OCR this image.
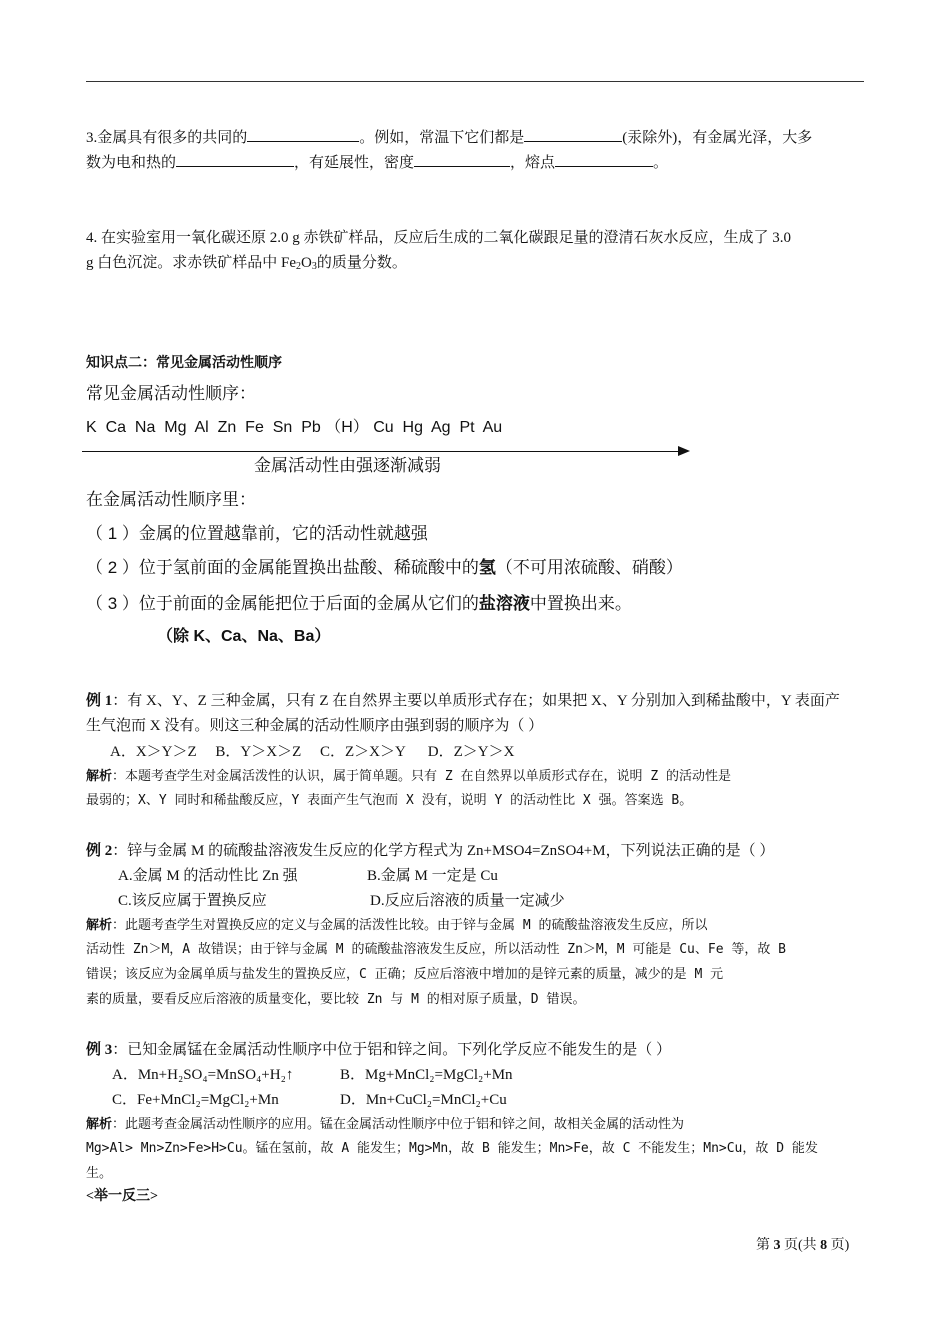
3.金属具有很多的共同的	。例如，常温下它们都是	(汞除外)，有金属光泽，大多
数为电和热的	，有延展性，密度	，熔点	。
4. 在实验室用一氧化碳还原 2.0 g 赤铁矿样品，反应后生成的二氧化碳跟足量的澄清石灰水反应，生成了 3.0
g 白色沉淀。求赤铁矿样品中 $Fe_2O_3$的质量分数。
知识点二：常见金属活动性顺序
常见金属活动性顺序：
K  Ca  Na  Mg  Al  Zn  Fe  Sn  Pb （H） Cu  Hg  Ag  Pt  Au
金属活动性由强逐渐减弱
在金属活动性顺序里：
（ 1 ）金属的位置越靠前，它的活动性就越强
（ 2 ）位于氢前面的金属能置换出盐酸、稀硫酸中的氢（不可用浓硫酸、硝酸）
（ 3 ）位于前面的金属能把位于后面的金属从它们的盐溶液中置换出来。
（除 K、Ca、Na、Ba）
例 1：有 X、Y、Z 三种金属，只有 Z 在自然界主要以单质形式存在；如果把 X、Y 分别加入到稀盐酸中，Y 表面产
生气泡而 X 没有。则这三种金属的活动性顺序由强到弱的顺序为（ ）
A．X＞Y＞Z     B．Y＞X＞Z     C．Z＞X＞Y      D．Z＞Y＞X
解析：本题考查学生对金属活泼性的认识，属于简单题。只有 Z 在自然界以单质形式存在，说明 Z 的活动性是
最弱的；X、Y 同时和稀盐酸反应，Y 表面产生气泡而 X 没有，说明 Y 的活动性比 X 强。答案选 B。
例 2：锌与金属 M 的硫酸盐溶液发生反应的化学方程式为 Zn+MSO4=ZnSO4+M，下列说法正确的是（ ）
A.金属 M 的活动性比 Zn 强	B.金属 M 一定是 Cu
C.该反应属于置换反应	D.反应后溶液的质量一定减少
解析：此题考查学生对置换反应的定义与金属的活泼性比较。由于锌与金属 M 的硫酸盐溶液发生反应，所以
活动性 Zn＞M，A 故错误；由于锌与金属 M 的硫酸盐溶液发生反应，所以活动性 Zn＞M，M 可能是 Cu、Fe 等，故 B
错误；该反应为金属单质与盐发生的置换反应，C 正确；反应后溶液中增加的是锌元素的质量，减少的是 M 元
素的质量，要看反应后溶液的质量变化，要比较 Zn 与 M 的相对原子质量，D 错误。
例 3：已知金属锰在金属活动性顺序中位于铝和锌之间。下列化学反应不能发生的是（ ）
A．Mn+H₂SO₄=MnSO₄+H₂↑	B．Mg+MnCl₂=MgCl₂+Mn
C．Fe+MnCl₂=MgCl₂+Mn	D．Mn+CuCl₂=MnCl₂+Cu
解析：此题考查金属活动性顺序的应用。锰在金属活动性顺序中位于铝和锌之间，故相关金属的活动性为
Mg>Al> Mn>Zn>Fe>H>Cu。锰在氢前，故 A 能发生；Mg>Mn，故 B 能发生；Mn>Fe，故 C 不能发生；Mn>Cu，故 D 能发
生。
<举一反三>
第 3 页(共 8 页)
